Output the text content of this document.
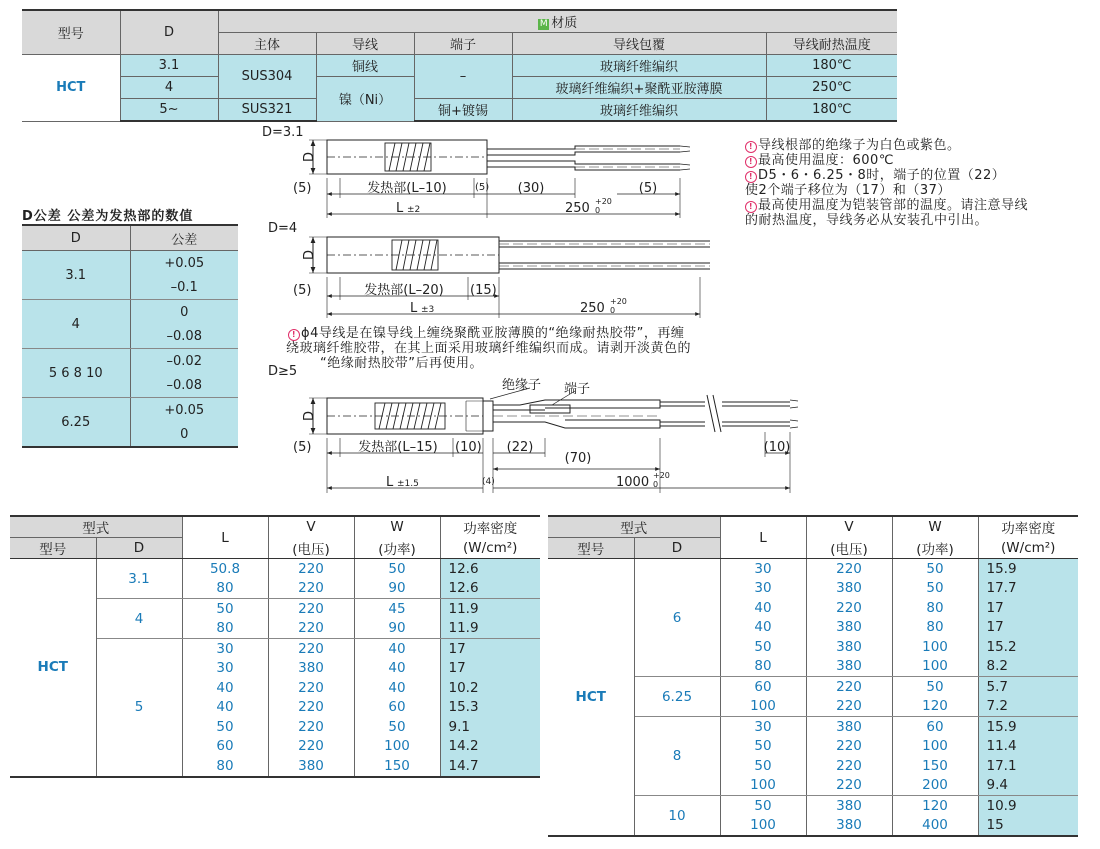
型号	D	M 材质				
		主体	导线	端子	导线包覆	导线耐热温度
HCT	3.1	SUS304	铜线	–	玻璃纤维编织	180℃
	4		镍（Ni）		玻璃纤维编织+聚酰亚胺薄膜	250℃
	5~	SUS321		铜+镀锡	玻璃纤维编织	180℃
D公差 公差为发热部的数值
D	公差
3.1	+0.05
	–0.1
4	0
	–0.08
5 6 8 10	–0.02
	–0.08
6.25	+0.05
	0
D=3.1
D
(5)	发热部(L–10)	(5) (30)	(5)
L ±2	250 +20
0
D=4
D
(5)	发热部(L–20) (15)
L ±3	250 +20
0
D≥5
D
绝缘子 端子
(5)	发热部(L–15) (10) (22)
(70)
(10)
(4)
L ±1.5	1000 +20
0
! 导线根部的绝缘子为白色或紫色。
! 最高使用温度：600℃
! D5・6・6.25・8时，端子的位置（22）
使2个端子移位为（17）和（37）
! 最高使用温度为铠装管部的温度。请注意导线
的耐热温度，导线务必从安装孔中引出。
! ϕ4导线是在镍导线上缠绕聚酰亚胺薄膜的“绝缘耐热胶带”，再缠
绕玻璃纤维胶带，在其上面采用玻璃纤维编织而成。请剥开淡黄色的
“绝缘耐热胶带”后再使用。
型式		L	V	W	功率密度
型号	D		(电压)	(功率)	(W/cm²)
HCT	3.1	50.8	220	50	12.6
		80	220	90	12.6
	4	50	220	45	11.9
		80	220	90	11.9
	5	30	220	40	17
		30	380	40	17
		40	220	40	10.2
		40	220	60	15.3
		50	220	50	9.1
		60	220	100	14.2
		80	380	150	14.7
型式		L	V	W	功率密度
型号	D		(电压)	(功率)	(W/cm²)
HCT	6	30	220	50	15.9
		30	380	50	17.7
		40	220	80	17
		40	380	80	17
		50	380	100	15.2
		80	380	100	8.2
	6.25	60	220	50	5.7
		100	220	120	7.2
	8	30	380	60	15.9
		50	220	100	11.4
		50	220	150	17.1
		100	220	200	9.4
	10	50	380	120	10.9
		100	380	400	15
